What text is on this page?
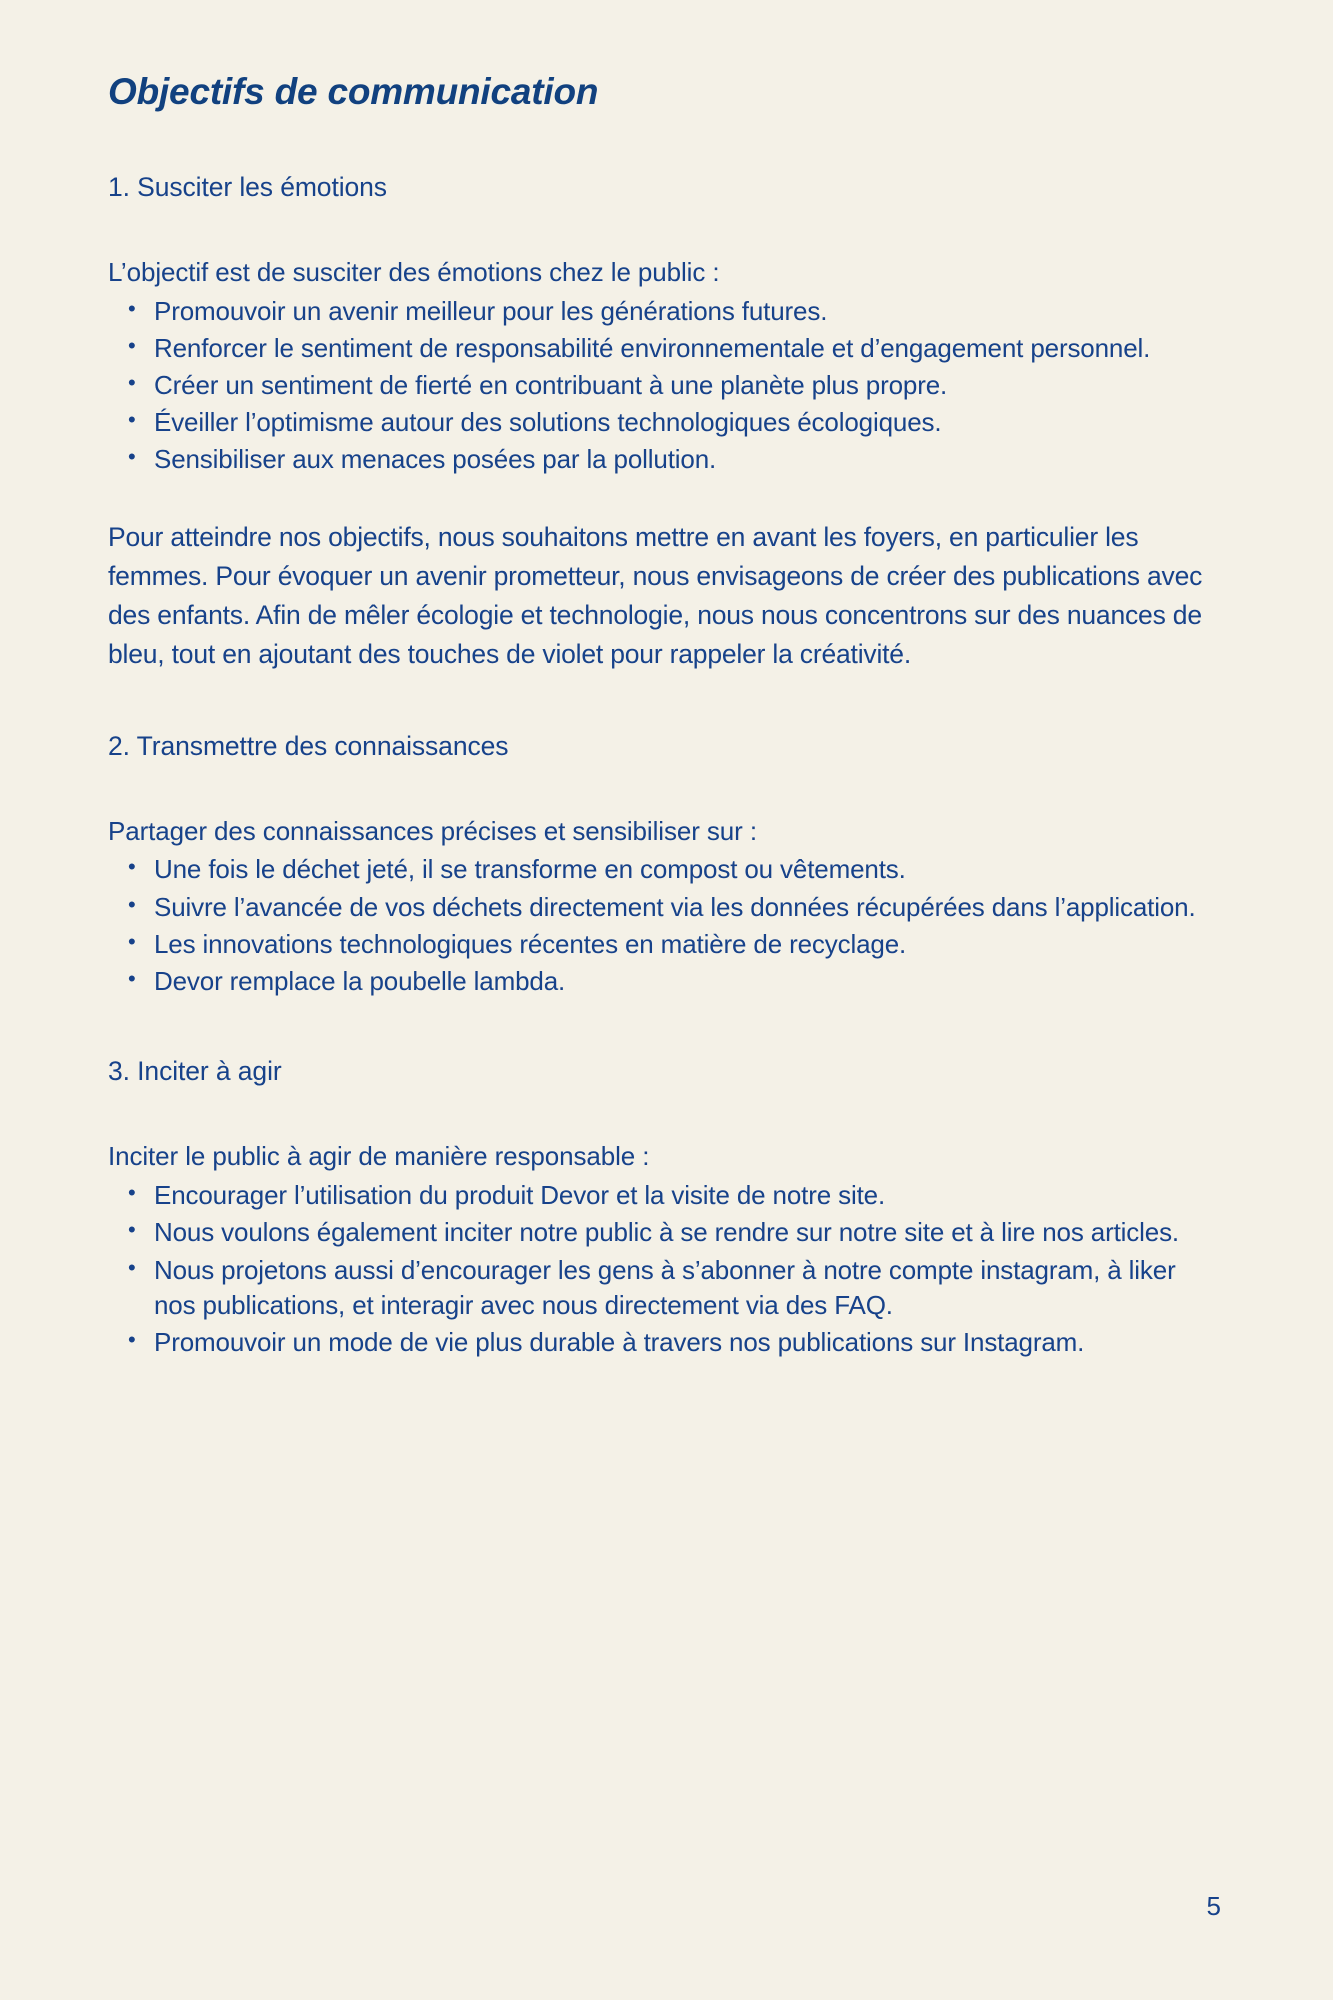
Objectifs de communication
1. Susciter les émotions

L’objectif est de susciter des émotions chez le public :

• Promouvoir un avenir meilleur pour les générations futures.
• Renforcer le sentiment de responsabilité environnementale et d’engagement personnel.
• Créer un sentiment de fierté en contribuant à une planète plus propre.
• Éveiller l’optimisme autour des solutions technologiques écologiques.
• Sensibiliser aux menaces posées par la pollution.

Pour atteindre nos objectifs, nous souhaitons mettre en avant les foyers, en particulier les femmes. Pour évoquer un avenir prometteur, nous envisageons de créer des publications avec des enfants. Afin de mêler écologie et technologie, nous nous concentrons sur des nuances de bleu, tout en ajoutant des touches de violet pour rappeler la créativité.

2. Transmettre des connaissances

Partager des connaissances précises et sensibiliser sur :

• Une fois le déchet jeté, il se transforme en compost ou vêtements.
• Suivre l’avancée de vos déchets directement via les données récupérées dans l’application.
• Les innovations technologiques récentes en matière de recyclage.
• Devor remplace la poubelle lambda.
3. Inciter à agir

Inciter le public à agir de manière responsable :

• Encourager l’utilisation du produit Devor et la visite de notre site.
• Nous voulons également inciter notre public à se rendre sur notre site et à lire nos articles.
• Nous projetons aussi d’encourager les gens à s’abonner à notre compte instagram, à liker nos publications, et interagir avec nous directement via des FAQ.
• Promouvoir un mode de vie plus durable à travers nos publications sur Instagram.
5
